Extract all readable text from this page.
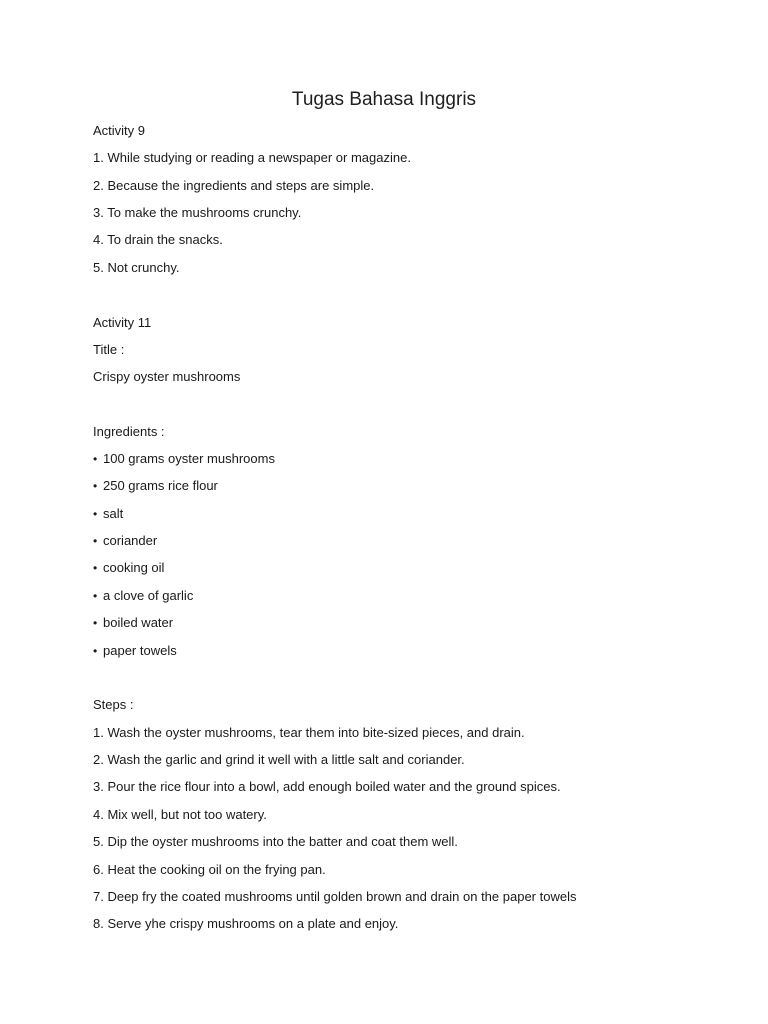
Tugas Bahasa Inggris
Activity 9
1. While studying or reading a newspaper or magazine.
2. Because the ingredients and steps are simple.
3. To make the mushrooms crunchy.
4. To drain the snacks.
5. Not crunchy.
Activity 11
Title :
Crispy oyster mushrooms
Ingredients :
• 100 grams oyster mushrooms
• 250 grams rice flour
• salt
• coriander
• cooking oil
• a clove of garlic
• boiled water
• paper towels
Steps :
1. Wash the oyster mushrooms, tear them into bite-sized pieces, and drain.
2. Wash the garlic and grind it well with a little salt and coriander.
3. Pour the rice flour into a bowl, add enough boiled water and the ground spices.
4. Mix well, but not too watery.
5. Dip the oyster mushrooms into the batter and coat them well.
6. Heat the cooking oil on the frying pan.
7. Deep fry the coated mushrooms until golden brown and drain on the paper towels
8. Serve yhe crispy mushrooms on a plate and enjoy.
